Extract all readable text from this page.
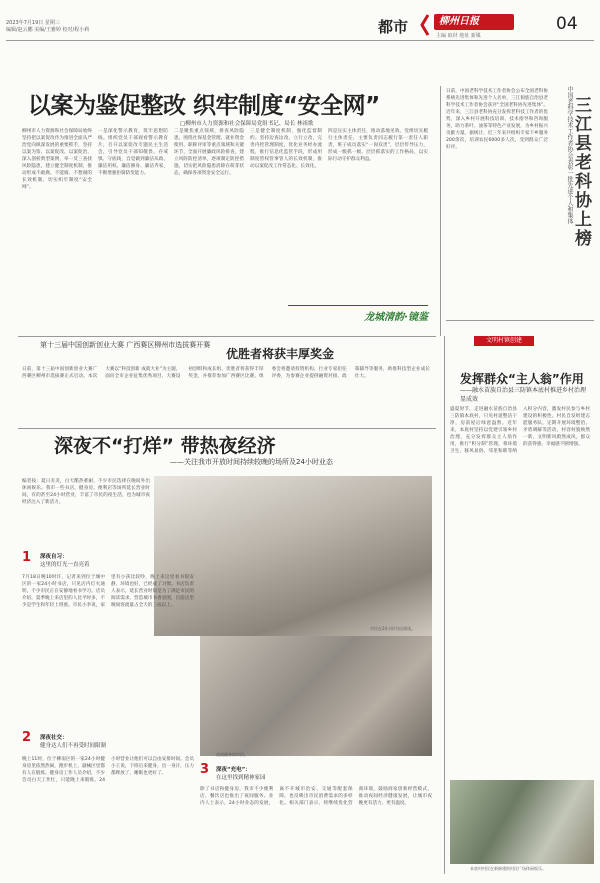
2023年7月19日 星期三
编辑/赵云鹏 美编/王雅婷 校对/程小莉	都市	柳州日报
主编 取材 地址 新媒
04
以案为鉴促整改 织牢制度“安全网”
□柳州市人力资源和社会保障局党组书记、局长 林祖歌
柳州市人力资源和社会保障局始终坚持把以案促改作为推进全面从严治党向纵深发展的重要抓手，坚持以案为鉴、以案促改、以案促治，深入剖析典型案例，举一反三查找风险隐患，建立健全制度机制，推动形成不敢腐、不能腐、不想腐的长效机制，切实织牢制度“安全网”。
一是深化警示教育，筑牢思想防线。组织党员干部观看警示教育片，召开以案促改专题民主生活会，引导党员干部知敬畏、存戒惧、守底线，自觉做到廉洁从政、廉洁用权、廉洁修身、廉洁齐家，不断增强拒腐防变能力。
二是聚焦重点领域，排查风险隐患。围绕社保基金管理、就业资金使用、职称评审等重点领域和关键环节，全面开展廉政风险排查，建立风险防控清单，逐项制定防控措施，切实把风险隐患消除在萌芽状态，确保各项资金安全运行。
三是健全制度机制，强化监督制约。坚持边查边改、立行立改，完善内控管理制度，优化业务经办流程，推行信息化监管手段，形成用制度管权管事管人的长效机制，推动以案促改工作常态化、长效化。
四是压实主体责任，推动落地见效。党组切实履行主体责任，主要负责同志履行第一责任人职责，班子成员落实“一岗双责”，层层传导压力，形成一级抓一级、层层抓落实的工作格局，以实际行动守护群众利益。
龙城清韵·镜鉴
中国老科学技术工作者协会表彰一批先进个人和集体
三江县老科协上榜
日前，中国老科学技术工作者协会公布全国老科协系统先进集体和先进个人名单，三江侗族自治县老科学技术工作者协会获评“全国老科协先进集体”。近年来，三江县老科协充分发挥老科技工作者的优势，深入乡村开展科技培训、技术指导和咨询服务，助力茶叶、油茶等特色产业发展，为乡村振兴贡献力量。据统计，近三年来共组织专家下乡服务200余次，培训农民6000多人次，受到群众广泛好评。
第十三届中国创新创业大赛 广西赛区柳州市选拔赛开赛
优胜者将获丰厚奖金
日前，第十三届中国创新创业大赛广西赛区柳州市选拔赛正式启动。本次大赛以“科技创新 成就大业”为主题，面向全市企业征集优秀项目，大赛设初创组和成长组，优胜者将获得丰厚奖金，并推荐参加广西赛区比赛。组委会将邀请投资机构、行业专家担任评委，为参赛企业提供融资对接、政策辅导等服务，助推科技型企业成长壮大。
文明村镇创建
发挥群众“主人翁”作用
——融水苗族自治县三防镇本底村推进乡村治理显成效
盛夏时节，走进融水苗族自治县三防镇本底村，只见村道整洁干净，房前屋后绿意盎然。近年来，本底村坚持以党建引领乡村治理，充分发挥群众主人翁作用，推行“积分制”管理，将环境卫生、移风易俗、邻里和睦等纳入积分内容，激发村民参与乡村建设的积极性。村民自发组建志愿服务队，定期开展环境整治、矛盾调解等活动，村容村貌焕然一新，文明新风蔚然成风，群众的获得感、幸福感不断增强。
本底村村民在新修建的村民广场休闲娱乐。
深夜不“打烊” 带热夜经济
——关注我市开放时间持续较晚的场所及24小时业态
编者按：夏日炎炎，白天酷热难耐，不少市民选择在晚间外出休闲娱乐。我市一些书店、健身房、便利店等场所延长营业时间，有的甚至24小时营业，丰富了市民的夜生活，也为城市夜经济注入了新活力。
市民在24小时书店阅读。
夜间健身的市民。
1 深夜自习：
这里的灯光一直亮着
7月18日晚10时许，记者来到位于城中区的一家24小时书店，只见店内灯火通明，不少市民正在安静地看书学习。店员介绍，夏季晚上来店里的人比平时多，不少是学生和年轻上班族。市民小李说，家里有小孩比较吵，晚上来这里看书很安静，环境也好，已经成了习惯。书店负责人表示，延长营业时间是为了满足市民的阅读需求，营造城市书香氛围，目前店里晚间客流量占全天的三成以上。
2 深夜社交：
健身达人们不再受时间限制
晚上11时，位于柳南区的一家24小时健身房里依然热闹，跑步机上、器械区里都有人在锻炼。健身房工作人员介绍，不少会员白天工作忙，只能晚上来锻炼，24小时营业让他们可以自由安排时间。会员小王说，下班后来健身，出一身汗，压力都释放了，睡眠也更好了。	3 深夜“充电”：
在这里找到精神家园
除了书店和健身房，我市不少便利店、餐饮店也推出了夜间服务。业内人士表示，24小时业态的发展，离不开城市治安、交通等配套保障，也反映出市民消费需求的多样化。相关部门表示，将继续优化营商环境，鼓励商家创新经营模式，推动夜间经济健康发展，让城市夜晚更有活力、更有温度。
